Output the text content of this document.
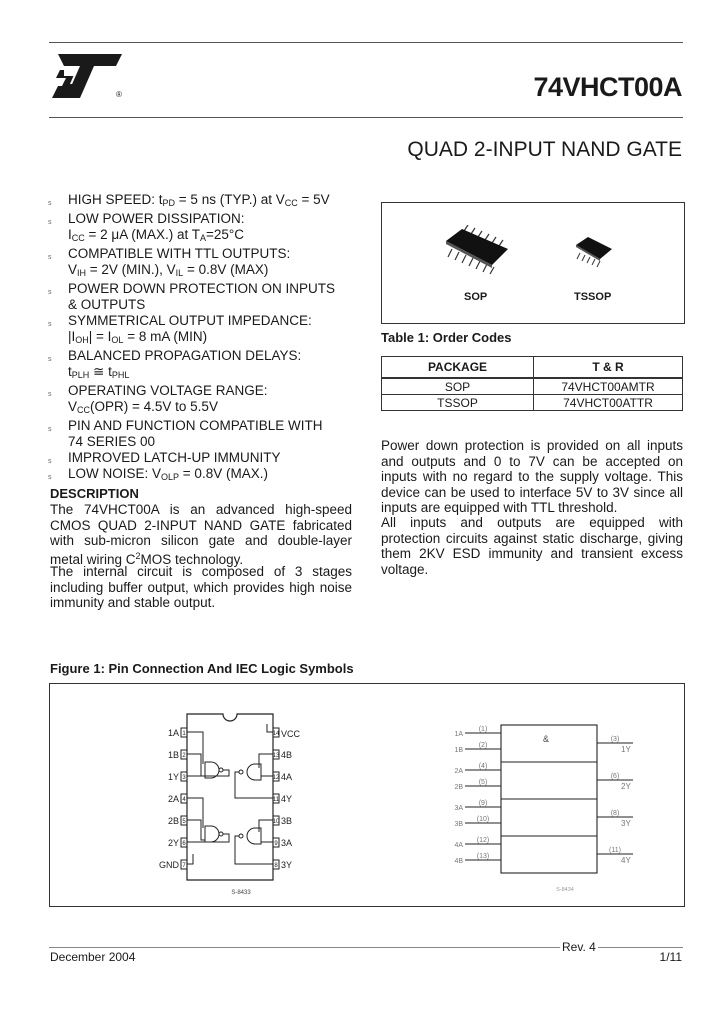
®	74VHCT00A
QUAD 2-INPUT NAND GATE
s HIGH SPEED: $t_{PD} = 5$ ns (TYP.) at $V_{CC} = 5V$
s LOW POWER DISSIPATION:
$I_{CC} = 2$ μA (MAX.) at $T_A=25^\circ C$
s COMPATIBLE WITH TTL OUTPUTS:
$V_{IH} = 2V$ (MIN.), $V_{IL} = 0.8V$ (MAX)
s POWER DOWN PROTECTION ON INPUTS
& OUTPUTS
s SYMMETRICAL OUTPUT IMPEDANCE:
$|I_{OH}| = I_{OL} = 8$ mA (MIN)
s BALANCED PROPAGATION DELAYS:
$t_{PLH}$ ≅ $t_{PHL}$
s OPERATING VOLTAGE RANGE:
$V_{CC}(OPR) = 4.5V$ to 5.5V
s PIN AND FUNCTION COMPATIBLE WITH
74 SERIES 00
s IMPROVED LATCH-UP IMMUNITY
s LOW NOISE: $V_{OLP} = 0.8V$ (MAX.)
DESCRIPTION

The 74VHCT00A is an advanced high-speed CMOS QUAD 2-INPUT NAND GATE fabricated with sub-micron silicon gate and double-layer metal wiring $C^2MOS$ technology.

The internal circuit is composed of 3 stages including buffer output, which provides high noise immunity and stable output.

SOP	TSSOP
Table 1: Order Codes
PACKAGE	T & R
SOP	74VHCT00AMTR
TSSOP	74VHCT00ATTR

Power down protection is provided on all inputs and outputs and 0 to 7V can be accepted on inputs with no regard to the supply voltage. This device can be used to interface 5V to 3V since all inputs are equipped with TTL threshold.

All inputs and outputs are equipped with protection circuits against static discharge, giving them 2KV ESD immunity and transient excess voltage.

Figure 1: Pin Connection And IEC Logic Symbols
1
2
3
4
5
6
7
14
13
12
11
10
9
8
1A
1B
1Y
2A
2B
2Y
GND
VCC
4B
4A
4Y
3B
3A
3Y
S-8433
&
1A
1B
2A
2B
3A
3B
4A
4B
(1)
(2)
(4)
(5)
(9)
(10)
(12)
(13)
(3)
(6)
(8)
(11)
1Y
2Y
3Y
4Y
S-8434
Rev. 4
December 2004	1/11
